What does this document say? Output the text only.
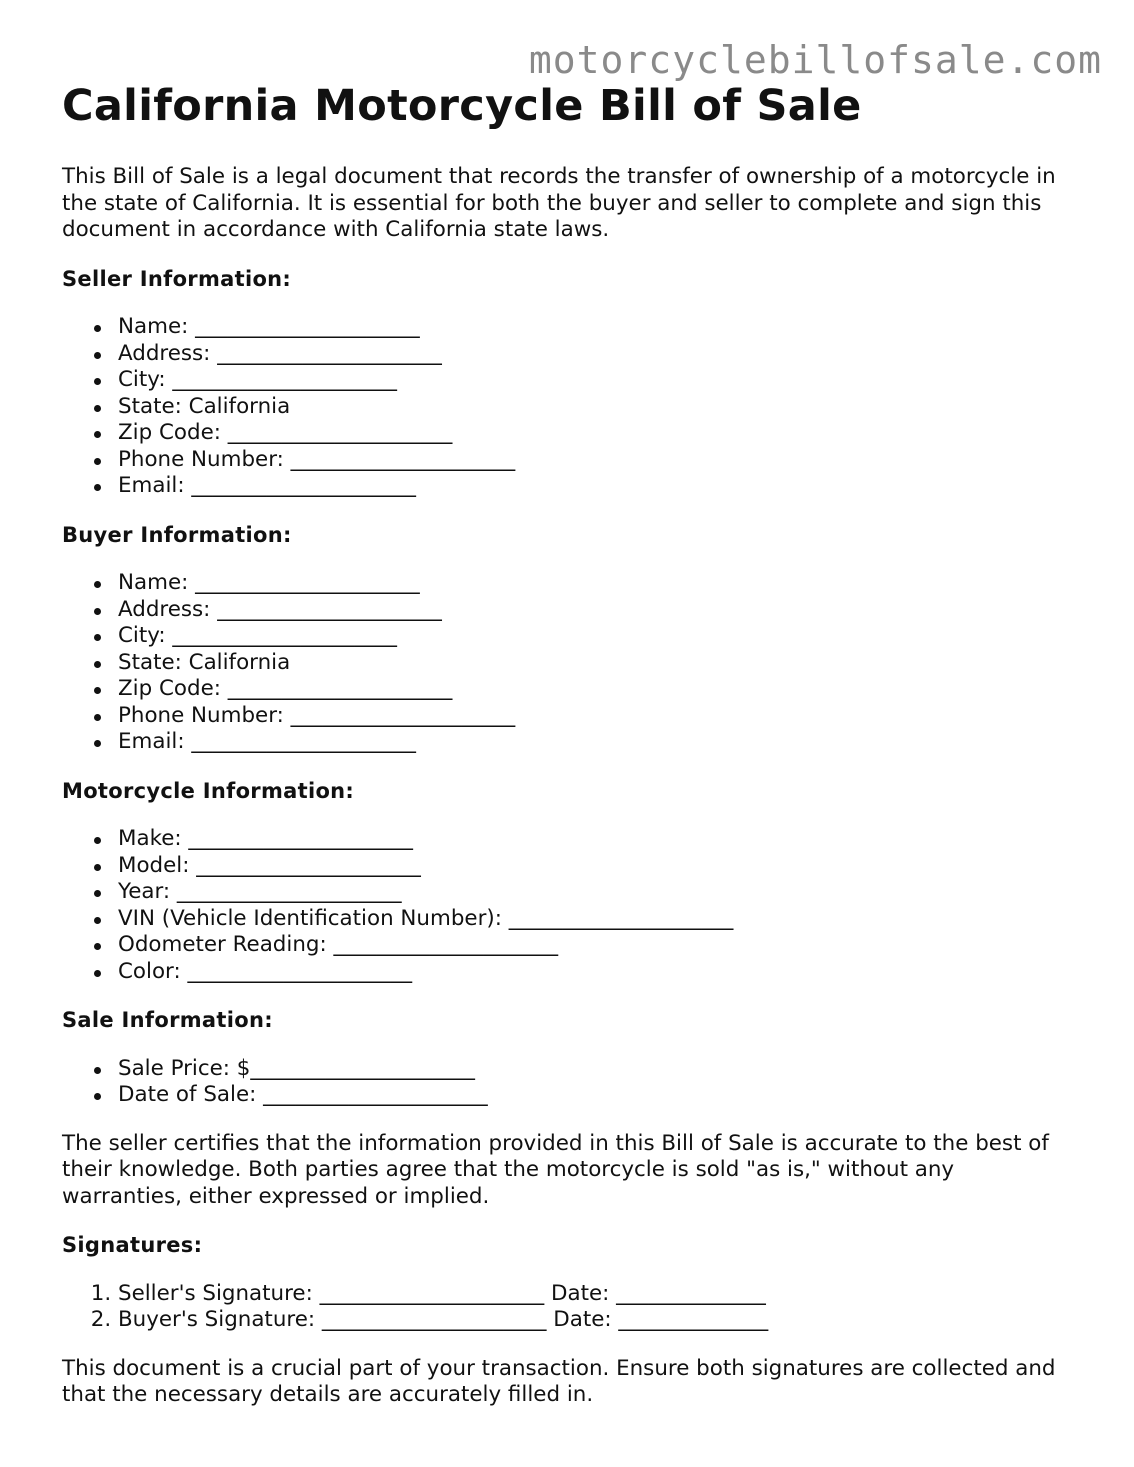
motorcyclebillofsale.com
California Motorcycle Bill of Sale

This Bill of Sale is a legal document that records the transfer of ownership of a motorcycle in the state of California. It is essential for both the buyer and seller to complete and sign this document in accordance with California state laws.

Seller Information:
Name: _____________________
Address: _____________________
City: _____________________
State: California
Zip Code: _____________________
Phone Number: _____________________
Email: _____________________
Buyer Information:
Name: _____________________
Address: _____________________
City: _____________________
State: California
Zip Code: _____________________
Phone Number: _____________________
Email: _____________________
Motorcycle Information:
Make: _____________________
Model: _____________________
Year: _____________________
VIN (Vehicle Identification Number): _____________________
Odometer Reading: _____________________
Color: _____________________
Sale Information:
Sale Price: $_____________________
Date of Sale: _____________________

The seller certifies that the information provided in this Bill of Sale is accurate to the best of their knowledge. Both parties agree that the motorcycle is sold "as is," without any warranties, either expressed or implied.

Signatures:
1. Seller's Signature: _____________________ Date: ______________
2. Buyer's Signature: _____________________ Date: ______________

This document is a crucial part of your transaction. Ensure both signatures are collected and that the necessary details are accurately filled in.
